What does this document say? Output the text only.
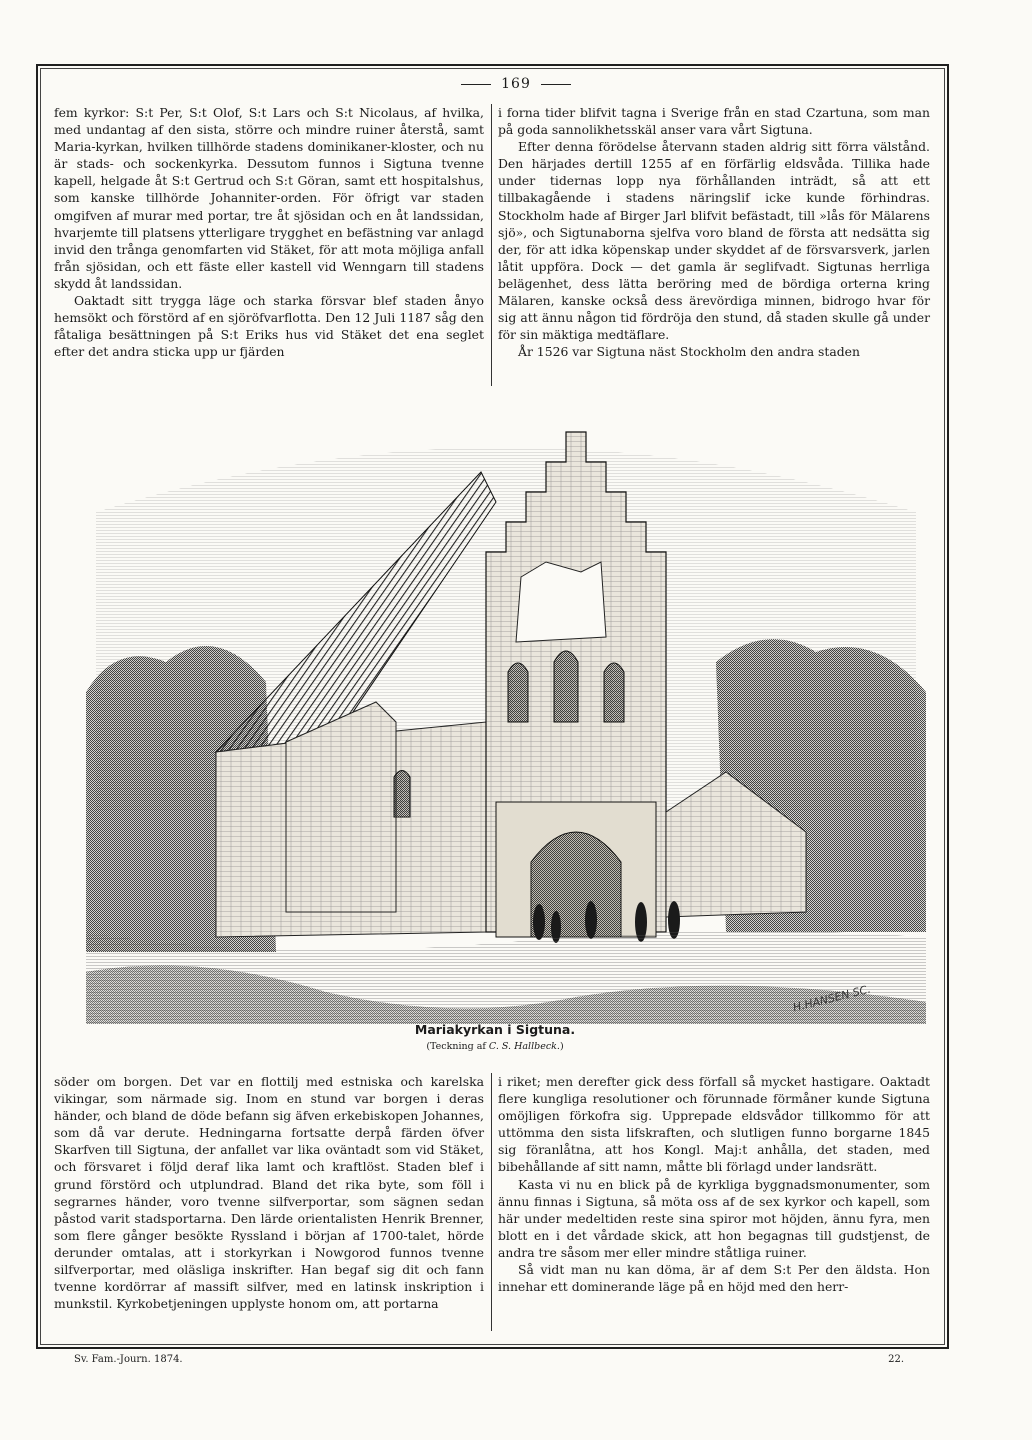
169

fem kyrkor: S:t Per, S:t Olof, S:t Lars och S:t Nicolaus, af hvilka, med undantag af den sista, större och mindre ruiner återstå, samt Maria-kyrkan, hvilken tillhörde stadens dominikaner-kloster, och nu är stads- och sockenkyrka. Dessutom funnos i Sigtuna tvenne kapell, helgade åt S:t Gertrud och S:t Göran, samt ett hospitalshus, som kanske tillhörde Johanniter-orden. För öfrigt var staden omgifven af murar med portar, tre åt sjösidan och en åt landssidan, hvarjemte till platsens ytterligare trygghet en befästning var anlagd invid den trånga genomfarten vid Stäket, för att mota möjliga anfall från sjösidan, och ett fäste eller kastell vid Wenngarn till stadens skydd åt landssidan.

Oaktadt sitt trygga läge och starka försvar blef staden ånyo hemsökt och förstörd af en sjöröfvarflotta. Den 12 Juli 1187 såg den fåtaliga besättningen på S:t Eriks hus vid Stäket det ena seglet efter det andra sticka upp ur fjärden

i forna tider blifvit tagna i Sverige från en stad Czartuna, som man på goda sannolikhetsskäl anser vara vårt Sigtuna.

Efter denna förödelse återvann staden aldrig sitt förra välstånd. Den härjades dertill 1255 af en förfärlig eldsvåda. Tillika hade under tidernas lopp nya förhållanden inträdt, så att ett tillbakagående i stadens näringslif icke kunde förhindras. Stockholm hade af Birger Jarl blifvit befästadt, till »lås för Mälarens sjö», och Sigtunaborna sjelfva voro bland de första att nedsätta sig der, för att idka köpenskap under skyddet af de försvarsverk, jarlen låtit uppföra. Dock — det gamla är seglifvadt. Sigtunas herrliga belägenhet, dess lätta beröring med de bördiga orterna kring Mälaren, kanske också dess ärevördiga minnen, bidrogo hvar för sig att ännu någon tid fördröja den stund, då staden skulle gå under för sin mäktiga medtäflare.

År 1526 var Sigtuna näst Stockholm den andra staden

H.HANSEN SC.
Mariakyrkan i Sigtuna.
(Teckning af C. S. Hallbeck.)

söder om borgen. Det var en flottilj med estniska och karelska vikingar, som närmade sig. Inom en stund var borgen i deras händer, och bland de döde befann sig äfven erkebiskopen Johannes, som då var derute. Hedningarna fortsatte derpå färden öfver Skarfven till Sigtuna, der anfallet var lika oväntadt som vid Stäket, och försvaret i följd deraf lika lamt och kraftlöst. Staden blef i grund förstörd och utplundrad. Bland det rika byte, som föll i segrarnes händer, voro tvenne silfverportar, som sägnen sedan påstod varit stadsportarna. Den lärde orientalisten Henrik Brenner, som flere gånger besökte Ryssland i början af 1700-talet, hörde derunder omtalas, att i storkyrkan i Nowgorod funnos tvenne silfverportar, med oläsliga inskrifter. Han begaf sig dit och fann tvenne kordörrar af massift silfver, med en latinsk inskription i munkstil. Kyrkobetjeningen upplyste honom om, att portarna

i riket; men derefter gick dess förfall så mycket hastigare. Oaktadt flere kungliga resolutioner och förunnade förmåner kunde Sigtuna omöjligen förkofra sig. Upprepade eldsvådor tillkommo för att uttömma den sista lifskraften, och slutligen funno borgarne 1845 sig föranlåtna, att hos Kongl. Maj:t anhålla, det staden, med bibehållande af sitt namn, måtte bli förlagd under landsrätt.

Kasta vi nu en blick på de kyrkliga byggnadsmonumenter, som ännu finnas i Sigtuna, så möta oss af de sex kyrkor och kapell, som här under medeltiden reste sina spiror mot höjden, ännu fyra, men blott en i det vårdade skick, att hon begagnas till gudstjenst, de andra tre såsom mer eller mindre ståtliga ruiner.

Så vidt man nu kan döma, är af dem S:t Per den äldsta. Hon innehar ett dominerande läge på en höjd med den herr-

Sv. Fam.-Journ. 1874.	22.
